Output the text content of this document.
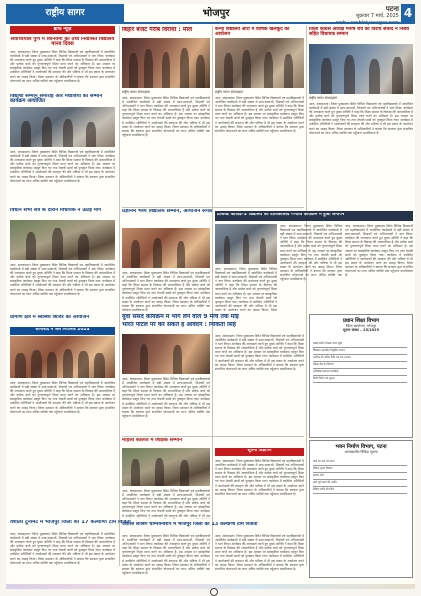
राष्ट्रीय सागर	भोजपुर	पटना
शुक्रवार 7 मार्च, 2025 4
ब्रीफ न्यूज़
सर्वोच्चयाल पुर्ण में विनियमों का तथा निवासित विद्यालय मानव दिवस
आरा, संवाददाता। जिला मुख्यालय स्थित विभिन्न विद्यालयों एवं महाविद्यालयों में आयोजित कार्यक्रमों में बड़ी संख्या में छात्र-छात्राओं, शिक्षकों एवं अभिभावकों ने भाग लिया। कार्यक्रम की अध्यक्षता करते हुए मुख्य अतिथि ने कहा कि शिक्षा समाज के विकास की आधारशिला है और प्रत्येक बच्चे को गुणवत्तापूर्ण शिक्षा प्राप्त करने का अधिकार है। इस अवसर पर सांस्कृतिक कार्यक्रम प्रस्तुत किए गए तथा मेधावी छात्रों को पुरस्कृत किया गया। कार्यक्रम में उपस्थित अतिथियों ने आयोजकों की सराहना की और भविष्य में भी इस प्रकार के आयोजन करने का आग्रह किया। जिला प्रशासन के अधिकारियों ने बताया कि सरकार द्वारा संचालित योजनाओं का लाभ अंतिम व्यक्ति तक पहुँचाना प्राथमिकता है।
विद्यार्थी सम्मान समारोह और मेधावियों का सम्मान कार्यक्रम आयोजित
आरा, संवाददाता। जिला मुख्यालय स्थित विभिन्न विद्यालयों एवं महाविद्यालयों में आयोजित कार्यक्रमों में बड़ी संख्या में छात्र-छात्राओं, शिक्षकों एवं अभिभावकों ने भाग लिया। कार्यक्रम की अध्यक्षता करते हुए मुख्य अतिथि ने कहा कि शिक्षा समाज के विकास की आधारशिला है और प्रत्येक बच्चे को गुणवत्तापूर्ण शिक्षा प्राप्त करने का अधिकार है। इस अवसर पर सांस्कृतिक कार्यक्रम प्रस्तुत किए गए तथा मेधावी छात्रों को पुरस्कृत किया गया। कार्यक्रम में उपस्थित अतिथियों ने आयोजकों की सराहना की और भविष्य में भी इस प्रकार के आयोजन करने का आग्रह किया। जिला प्रशासन के अधिकारियों ने बताया कि सरकार द्वारा संचालित योजनाओं का लाभ अंतिम व्यक्ति तक पहुँचाना प्राथमिकता है।
विधान सभा सत्र के दौरान विधायक ने उठाई मांग
आरा, संवाददाता। जिला मुख्यालय स्थित विभिन्न विद्यालयों एवं महाविद्यालयों में आयोजित कार्यक्रमों में बड़ी संख्या में छात्र-छात्राओं, शिक्षकों एवं अभिभावकों ने भाग लिया। कार्यक्रम की अध्यक्षता करते हुए मुख्य अतिथि ने कहा कि शिक्षा समाज के विकास की आधारशिला है और प्रत्येक बच्चे को गुणवत्तापूर्ण शिक्षा प्राप्त करने का अधिकार है। इस अवसर पर सांस्कृतिक कार्यक्रम प्रस्तुत किए गए तथा मेधावी छात्रों को पुरस्कृत किया गया। कार्यक्रम में उपस्थित अतिथियों ने आयोजकों की सराहना की और भविष्य में भी इस प्रकार के आयोजन करने का आग्रह किया। जिला प्रशासन के अधिकारियों ने बताया कि सरकार द्वारा संचालित योजनाओं का लाभ अंतिम व्यक्ति तक पहुँचाना प्राथमिकता है।
ग्रामीण क्षेत्र में स्वास्थ्य शिविर का आयोजन
सोनाबाद में जल नियामक 2024
आरा, संवाददाता। जिला मुख्यालय स्थित विभिन्न विद्यालयों एवं महाविद्यालयों में आयोजित कार्यक्रमों में बड़ी संख्या में छात्र-छात्राओं, शिक्षकों एवं अभिभावकों ने भाग लिया। कार्यक्रम की अध्यक्षता करते हुए मुख्य अतिथि ने कहा कि शिक्षा समाज के विकास की आधारशिला है और प्रत्येक बच्चे को गुणवत्तापूर्ण शिक्षा प्राप्त करने का अधिकार है। इस अवसर पर सांस्कृतिक कार्यक्रम प्रस्तुत किए गए तथा मेधावी छात्रों को पुरस्कृत किया गया। कार्यक्रम में उपस्थित अतिथियों ने आयोजकों की सराहना की और भविष्य में भी इस प्रकार के आयोजन करने का आग्रह किया। जिला प्रशासन के अधिकारियों ने बताया कि सरकार द्वारा संचालित योजनाओं का लाभ अंतिम व्यक्ति तक पहुँचाना प्राथमिकता है।
वैशाली टूर्नामेंट में भोजपुर जिला को 17 कल्याणी टीम विजेता
आरा, संवाददाता। जिला मुख्यालय स्थित विभिन्न विद्यालयों एवं महाविद्यालयों में आयोजित कार्यक्रमों में बड़ी संख्या में छात्र-छात्राओं, शिक्षकों एवं अभिभावकों ने भाग लिया। कार्यक्रम की अध्यक्षता करते हुए मुख्य अतिथि ने कहा कि शिक्षा समाज के विकास की आधारशिला है और प्रत्येक बच्चे को गुणवत्तापूर्ण शिक्षा प्राप्त करने का अधिकार है। इस अवसर पर सांस्कृतिक कार्यक्रम प्रस्तुत किए गए तथा मेधावी छात्रों को पुरस्कृत किया गया। कार्यक्रम में उपस्थित अतिथियों ने आयोजकों की सराहना की और भविष्य में भी इस प्रकार के आयोजन करने का आग्रह किया। जिला प्रशासन के अधिकारियों ने बताया कि सरकार द्वारा संचालित योजनाओं का लाभ अंतिम व्यक्ति तक पहुँचाना प्राथमिकता है।
बिहार बजट गरीब विरोधी : माले
राष्ट्रीय सागर संवाददाता
आरा, संवाददाता। जिला मुख्यालय स्थित विभिन्न विद्यालयों एवं महाविद्यालयों में आयोजित कार्यक्रमों में बड़ी संख्या में छात्र-छात्राओं, शिक्षकों एवं अभिभावकों ने भाग लिया। कार्यक्रम की अध्यक्षता करते हुए मुख्य अतिथि ने कहा कि शिक्षा समाज के विकास की आधारशिला है और प्रत्येक बच्चे को गुणवत्तापूर्ण शिक्षा प्राप्त करने का अधिकार है। इस अवसर पर सांस्कृतिक कार्यक्रम प्रस्तुत किए गए तथा मेधावी छात्रों को पुरस्कृत किया गया। कार्यक्रम में उपस्थित अतिथियों ने आयोजकों की सराहना की और भविष्य में भी इस प्रकार के आयोजन करने का आग्रह किया। जिला प्रशासन के अधिकारियों ने बताया कि सरकार द्वारा संचालित योजनाओं का लाभ अंतिम व्यक्ति तक पहुँचाना प्राथमिकता है।
कन्या विद्यालय आरा में वार्षिक खेलकूद का आयोजन
राष्ट्रीय सागर संवाददाता
आरा, संवाददाता। जिला मुख्यालय स्थित विभिन्न विद्यालयों एवं महाविद्यालयों में आयोजित कार्यक्रमों में बड़ी संख्या में छात्र-छात्राओं, शिक्षकों एवं अभिभावकों ने भाग लिया। कार्यक्रम की अध्यक्षता करते हुए मुख्य अतिथि ने कहा कि शिक्षा समाज के विकास की आधारशिला है और प्रत्येक बच्चे को गुणवत्तापूर्ण शिक्षा प्राप्त करने का अधिकार है। इस अवसर पर सांस्कृतिक कार्यक्रम प्रस्तुत किए गए तथा मेधावी छात्रों को पुरस्कृत किया गया। कार्यक्रम में उपस्थित अतिथियों ने आयोजकों की सराहना की और भविष्य में भी इस प्रकार के आयोजन करने का आग्रह किया। जिला प्रशासन के अधिकारियों ने बताया कि सरकार द्वारा संचालित योजनाओं का लाभ अंतिम व्यक्ति तक पहुँचाना प्राथमिकता है।
जिला कांग्रेस अध्यक्ष मनीष राय का विरोध सांसद ने निबंध सहित विधायक सम्मान
राष्ट्रीय सागर संवाददाता
आरा, संवाददाता। जिला मुख्यालय स्थित विभिन्न विद्यालयों एवं महाविद्यालयों में आयोजित कार्यक्रमों में बड़ी संख्या में छात्र-छात्राओं, शिक्षकों एवं अभिभावकों ने भाग लिया। कार्यक्रम की अध्यक्षता करते हुए मुख्य अतिथि ने कहा कि शिक्षा समाज के विकास की आधारशिला है और प्रत्येक बच्चे को गुणवत्तापूर्ण शिक्षा प्राप्त करने का अधिकार है। इस अवसर पर सांस्कृतिक कार्यक्रम प्रस्तुत किए गए तथा मेधावी छात्रों को पुरस्कृत किया गया। कार्यक्रम में उपस्थित अतिथियों ने आयोजकों की सराहना की और भविष्य में भी इस प्रकार के आयोजन करने का आग्रह किया। जिला प्रशासन के अधिकारियों ने बताया कि सरकार द्वारा संचालित योजनाओं का लाभ अंतिम व्यक्ति तक पहुँचाना प्राथमिकता है।
प्रज्ञानम भव्य विद्यालय सम्मान, आयोजन संपन्न
आरा, संवाददाता। जिला मुख्यालय स्थित विभिन्न विद्यालयों एवं महाविद्यालयों में आयोजित कार्यक्रमों में बड़ी संख्या में छात्र-छात्राओं, शिक्षकों एवं अभिभावकों ने भाग लिया। कार्यक्रम की अध्यक्षता करते हुए मुख्य अतिथि ने कहा कि शिक्षा समाज के विकास की आधारशिला है और प्रत्येक बच्चे को गुणवत्तापूर्ण शिक्षा प्राप्त करने का अधिकार है। इस अवसर पर सांस्कृतिक कार्यक्रम प्रस्तुत किए गए तथा मेधावी छात्रों को पुरस्कृत किया गया। कार्यक्रम में उपस्थित अतिथियों ने आयोजकों की सराहना की और भविष्य में भी इस प्रकार के आयोजन करने का आग्रह किया। जिला प्रशासन के अधिकारियों ने बताया कि सरकार द्वारा संचालित योजनाओं का लाभ अंतिम व्यक्ति तक पहुँचाना प्राथमिकता है।
प्रोजेक्ट कोविड–2 विद्यालय का वार्षिकोत्सव गणतंत्र कार्यक्रम में हुआ समापन
आरा, संवाददाता। जिला मुख्यालय स्थित विभिन्न विद्यालयों एवं महाविद्यालयों में आयोजित कार्यक्रमों में बड़ी संख्या में छात्र-छात्राओं, शिक्षकों एवं अभिभावकों ने भाग लिया। कार्यक्रम की अध्यक्षता करते हुए मुख्य अतिथि ने कहा कि शिक्षा समाज के विकास की आधारशिला है और प्रत्येक बच्चे को गुणवत्तापूर्ण शिक्षा प्राप्त करने का अधिकार है। इस अवसर पर सांस्कृतिक कार्यक्रम प्रस्तुत किए गए तथा मेधावी छात्रों को पुरस्कृत किया गया। कार्यक्रम में उपस्थित अतिथियों ने आयोजकों की सराहना की और भविष्य में भी इस प्रकार के आयोजन करने का आग्रह किया। जिला प्रशासन के अधिकारियों ने बताया कि सरकार द्वारा संचालित योजनाओं का लाभ अंतिम व्यक्ति तक पहुँचाना प्राथमिकता है।
आरा, संवाददाता। जिला मुख्यालय स्थित विभिन्न विद्यालयों एवं महाविद्यालयों में आयोजित कार्यक्रमों में बड़ी संख्या में छात्र-छात्राओं, शिक्षकों एवं अभिभावकों ने भाग लिया। कार्यक्रम की अध्यक्षता करते हुए मुख्य अतिथि ने कहा कि शिक्षा समाज के विकास की आधारशिला है और प्रत्येक बच्चे को गुणवत्तापूर्ण शिक्षा प्राप्त करने का अधिकार है। इस अवसर पर सांस्कृतिक कार्यक्रम प्रस्तुत किए गए तथा मेधावी छात्रों को पुरस्कृत किया गया। कार्यक्रम में उपस्थित अतिथियों ने आयोजकों की सराहना की और भविष्य में भी इस प्रकार के आयोजन करने का आग्रह किया। जिला प्रशासन के अधिकारियों ने बताया कि सरकार द्वारा संचालित योजनाओं का लाभ अंतिम व्यक्ति तक पहुँचाना प्राथमिकता है।
आरा, संवाददाता। जिला मुख्यालय स्थित विभिन्न विद्यालयों एवं महाविद्यालयों में आयोजित कार्यक्रमों में बड़ी संख्या में छात्र-छात्राओं, शिक्षकों एवं अभिभावकों ने भाग लिया। कार्यक्रम की अध्यक्षता करते हुए मुख्य अतिथि ने कहा कि शिक्षा समाज के विकास की आधारशिला है और प्रत्येक बच्चे को गुणवत्तापूर्ण शिक्षा प्राप्त करने का अधिकार है। इस अवसर पर सांस्कृतिक कार्यक्रम प्रस्तुत किए गए तथा मेधावी छात्रों को पुरस्कृत किया गया। कार्यक्रम में उपस्थित अतिथियों ने आयोजकों की सराहना की और भविष्य में भी इस प्रकार के आयोजन करने का आग्रह किया। जिला
युवा संसद कार्यक्रम में भाग लेने वाले 9 मार्च तक माई
भारत पोर्टल पर कर सकते हैं आवेदन : निकिता सिंह
आरा, संवाददाता। जिला मुख्यालय स्थित विभिन्न विद्यालयों एवं महाविद्यालयों में आयोजित कार्यक्रमों में बड़ी संख्या में छात्र-छात्राओं, शिक्षकों एवं अभिभावकों ने भाग लिया। कार्यक्रम की अध्यक्षता करते हुए मुख्य अतिथि ने कहा कि शिक्षा समाज के विकास की आधारशिला है और प्रत्येक बच्चे को गुणवत्तापूर्ण शिक्षा प्राप्त करने का अधिकार है। इस अवसर पर सांस्कृतिक कार्यक्रम प्रस्तुत किए गए तथा मेधावी छात्रों को पुरस्कृत किया गया। कार्यक्रम में उपस्थित अतिथियों ने आयोजकों की सराहना की और भविष्य में भी इस प्रकार के आयोजन करने का आग्रह किया। जिला प्रशासन के अधिकारियों ने बताया कि सरकार द्वारा संचालित योजनाओं का लाभ अंतिम व्यक्ति तक पहुँचाना प्राथमिकता है।
आरा, संवाददाता। जिला मुख्यालय स्थित विभिन्न विद्यालयों एवं महाविद्यालयों में आयोजित कार्यक्रमों में बड़ी संख्या में छात्र-छात्राओं, शिक्षकों एवं अभिभावकों ने भाग लिया। कार्यक्रम की अध्यक्षता करते हुए मुख्य अतिथि ने कहा कि शिक्षा समाज के विकास की आधारशिला है और प्रत्येक बच्चे को गुणवत्तापूर्ण शिक्षा प्राप्त करने का अधिकार है। इस अवसर पर सांस्कृतिक कार्यक्रम प्रस्तुत किए गए तथा मेधावी छात्रों को पुरस्कृत किया गया। कार्यक्रम में उपस्थित अतिथियों ने आयोजकों की सराहना की और भविष्य में भी इस प्रकार के आयोजन करने का आग्रह किया। जिला प्रशासन के अधिकारियों ने बताया कि सरकार द्वारा संचालित योजनाओं का लाभ अंतिम व्यक्ति तक पहुँचाना प्राथमिकता है।
प्रधान शिक्षा विभाग
जिला कार्यालय, भोजपुर
सूचना संख्या – 25/2025
प्रखंड स्तरीय शिक्षक चयन सूची
विद्यालय आधारित नियुक्ति 2025
आवेदन की अंतिम तिथि 20.03.2025
परीक्षा केंद्र का विवरण
अभिलेख सत्यापन कार्यक्रम
विशेष निर्देश एवं सूचना
महिला कॉलेज में शिक्षक सम्मान
आरा, संवाददाता। जिला मुख्यालय स्थित विभिन्न विद्यालयों एवं महाविद्यालयों में आयोजित कार्यक्रमों में बड़ी संख्या में छात्र-छात्राओं, शिक्षकों एवं अभिभावकों ने भाग लिया। कार्यक्रम की अध्यक्षता करते हुए मुख्य अतिथि ने कहा कि शिक्षा समाज के विकास की आधारशिला है और प्रत्येक बच्चे को गुणवत्तापूर्ण शिक्षा प्राप्त करने का अधिकार है। इस अवसर पर सांस्कृतिक कार्यक्रम प्रस्तुत किए गए तथा मेधावी छात्रों को पुरस्कृत किया गया। कार्यक्रम में उपस्थित अतिथियों ने आयोजकों की सराहना की और भविष्य में भी इस
सूचना विज्ञापन
आरा, संवाददाता। जिला मुख्यालय स्थित विभिन्न विद्यालयों एवं महाविद्यालयों में आयोजित कार्यक्रमों में बड़ी संख्या में छात्र-छात्राओं, शिक्षकों एवं अभिभावकों ने भाग लिया। कार्यक्रम की अध्यक्षता करते हुए मुख्य अतिथि ने कहा कि शिक्षा समाज के विकास की आधारशिला है और प्रत्येक बच्चे को गुणवत्तापूर्ण शिक्षा प्राप्त करने का अधिकार है। इस अवसर पर सांस्कृतिक कार्यक्रम प्रस्तुत किए गए तथा मेधावी छात्रों को पुरस्कृत किया गया। कार्यक्रम में उपस्थित अतिथियों ने आयोजकों की सराहना की और भविष्य में भी इस प्रकार के आयोजन करने का आग्रह किया। जिला प्रशासन के अधिकारियों ने बताया कि सरकार द्वारा संचालित योजनाओं का लाभ अंतिम व्यक्ति तक पहुँचाना प्राथमिकता है।
भवन निर्माण विभाग, पटना
अल्पकालीन निविदा सूचना
कार्य का नाम एवं स्थान
निविदा शुल्क विवरण
बयाना राशि
कार्य पूर्ण करने की अवधि
निविदा प्राप्ति की तिथि
वैशाली लॉबिंग चैम्पियनशिप में भोजपुर जिला को 13 कल्याणी टीम विजेता
आरा, संवाददाता। जिला मुख्यालय स्थित विभिन्न विद्यालयों एवं महाविद्यालयों में आयोजित कार्यक्रमों में बड़ी संख्या में छात्र-छात्राओं, शिक्षकों एवं अभिभावकों ने भाग लिया। कार्यक्रम की अध्यक्षता करते हुए मुख्य अतिथि ने कहा कि शिक्षा समाज के विकास की आधारशिला है और प्रत्येक बच्चे को गुणवत्तापूर्ण शिक्षा प्राप्त करने का अधिकार है। इस अवसर पर सांस्कृतिक कार्यक्रम प्रस्तुत किए गए तथा मेधावी छात्रों को पुरस्कृत किया गया। कार्यक्रम में उपस्थित अतिथियों ने आयोजकों की सराहना की और भविष्य में भी इस प्रकार के आयोजन करने का आग्रह किया। जिला प्रशासन के अधिकारियों ने बताया कि सरकार द्वारा संचालित योजनाओं का लाभ अंतिम व्यक्ति तक पहुँचाना प्राथमिकता है।
आरा, संवाददाता। जिला मुख्यालय स्थित विभिन्न विद्यालयों एवं महाविद्यालयों में आयोजित कार्यक्रमों में बड़ी संख्या में छात्र-छात्राओं, शिक्षकों एवं अभिभावकों ने भाग लिया। कार्यक्रम की अध्यक्षता करते हुए मुख्य अतिथि ने कहा कि शिक्षा समाज के विकास की आधारशिला है और प्रत्येक बच्चे को गुणवत्तापूर्ण शिक्षा प्राप्त करने का अधिकार है। इस अवसर पर सांस्कृतिक कार्यक्रम प्रस्तुत किए गए तथा मेधावी छात्रों को पुरस्कृत किया गया। कार्यक्रम में उपस्थित अतिथियों ने आयोजकों की सराहना की और भविष्य में भी इस प्रकार के आयोजन करने का आग्रह किया। जिला प्रशासन के अधिकारियों ने बताया कि सरकार द्वारा संचालित योजनाओं का लाभ अंतिम व्यक्ति तक पहुँचाना प्राथमिकता है।
